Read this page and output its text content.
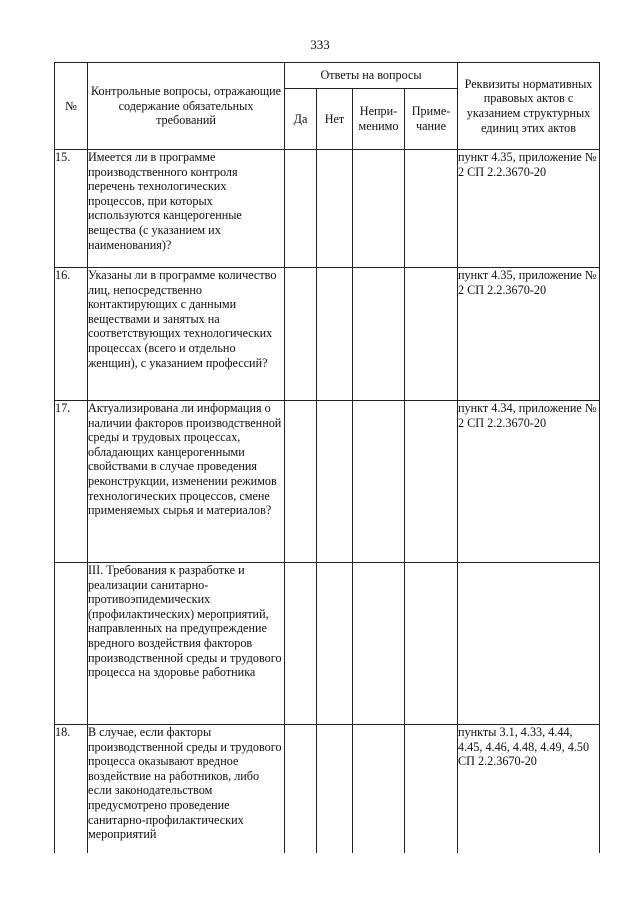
333
№	Контрольные вопросы, отражающие содержание обязательных требований	Ответы на вопросы				Реквизиты нормативных правовых актов с указанием структурных единиц этих актов
		Да	Нет	Непри-менимо	Приме-чание	
15.	Имеется ли в программе производственного контроля перечень технологических процессов, при которых используются канцерогенные вещества (с указанием их наименования)?					пункт 4.35, приложение № 2 СП 2.2.3670-20
16.	Указаны ли в программе количество лиц, непосредственно контактирующих с данными веществами и занятых на соответствующих технологических процессах (всего и отдельно женщин), с указанием профессий?					пункт 4.35, приложение № 2 СП 2.2.3670-20
17.	Актуализирована ли информация о наличии факторов производственной среды и трудовых процессах, обладающих канцерогенными свойствами в случае проведения реконструкции, изменении режимов технологических процессов, смене применяемых сырья и материалов?					пункт 4.34, приложение № 2 СП 2.2.3670-20
	III. Требования к разработке и реализации санитарно-противоэпидемических (профилактических) мероприятий, направленных на предупреждение вредного воздействия факторов производственной среды и трудового процесса на здоровье работника					
18.	В случае, если факторы производственной среды и трудового процесса оказывают вредное воздействие на работников, либо если законодательством предусмотрено проведение санитарно-профилактических мероприятий					пункты 3.1, 4.33, 4.44, 4.45, 4.46, 4.48, 4.49, 4.50 СП 2.2.3670-20
